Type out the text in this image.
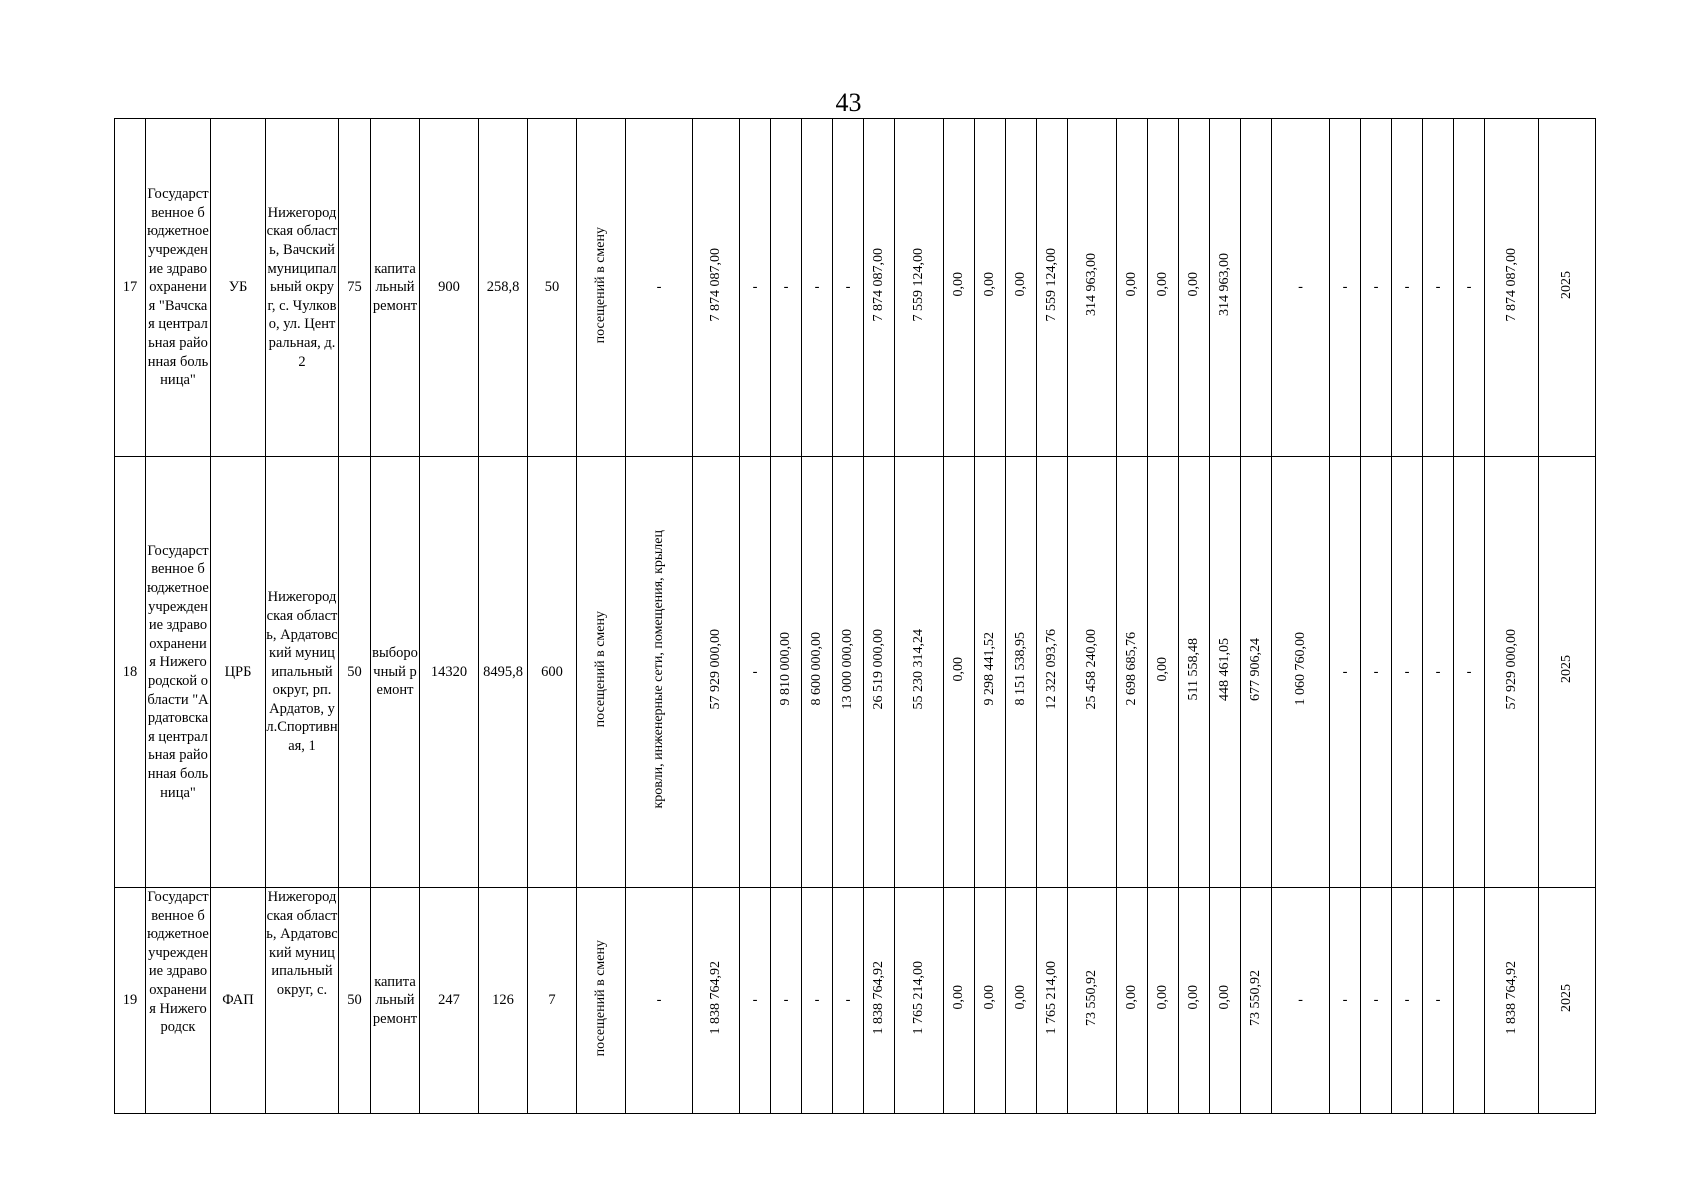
43
17	Государственное бюджетное учреждение здравоохранения "Вачская центральная районная больница"	УБ	Нижегородская область, Вачский муниципальный округ, с. Чулково, ул. Центральная, д. 2	75	капитальный ремонт	900	258,8	50	посещений в смену	-	7 874 087,00	-	-	-	-	7 874 087,00	7 559 124,00	0,00	0,00	0,00	7 559 124,00	314 963,00	0,00	0,00	0,00	314 963,00		-	-	-	-	-	-	7 874 087,00	2025
18	Государственное бюджетное учреждение здравоохранения Нижегородской области "Ардатовская центральная районная больница"	ЦРБ	Нижегородская область, Ардатовский муниципальный округ, рп. Ардатов, ул.Спортивная, 1	50	выборочный ремонт	14320	8495,8	600	посещений в смену	кровли, инженерные сети, помещения, крылец	57 929 000,00	-	9 810 000,00	8 600 000,00	13 000 000,00	26 519 000,00	55 230 314,24	0,00	9 298 441,52	8 151 538,95	12 322 093,76	25 458 240,00	2 698 685,76	0,00	511 558,48	448 461,05	677 906,24	1 060 760,00	-	-	-	-	-	57 929 000,00	2025
19	Государственное бюджетное учреждение здравоохранения Нижегородск	ФАП	Нижегородская область, Ардатовский муниципальный округ, с.	50	капитальный ремонт	247	126	7	посещений в смену	-	1 838 764,92	-	-	-	-	1 838 764,92	1 765 214,00	0,00	0,00	0,00	1 765 214,00	73 550,92	0,00	0,00	0,00	0,00	73 550,92	-	-	-	-	-		1 838 764,92	2025
